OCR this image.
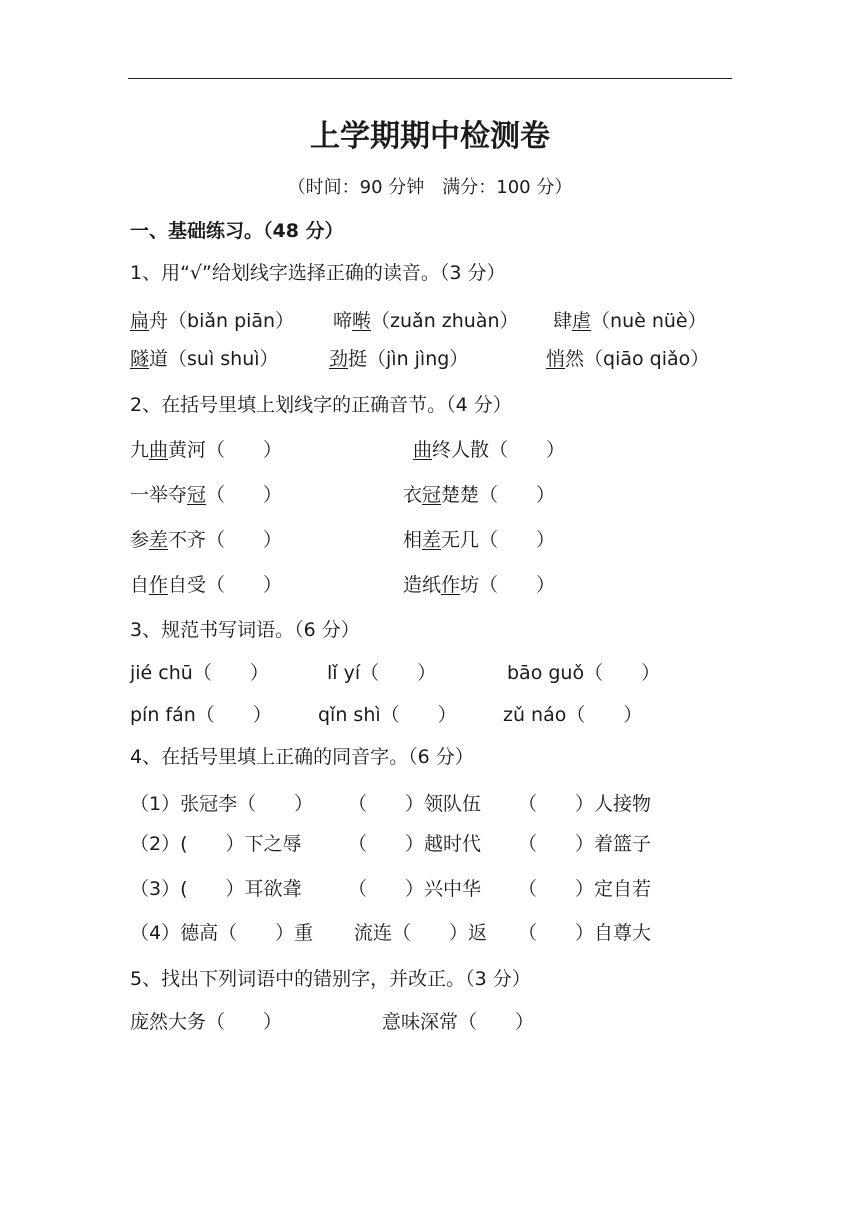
上学期期中检测卷
（时间：90 分钟　满分：100 分）
一、基础练习。（48 分）
1、用“√”给划线字选择正确的读音。（3 分）
扁舟（biǎn piān） 啼啭（zuǎn zhuàn） 肆虐（nuè nüè）
隧道（suì shuì）	劲挺（jìn jìng）	悄然（qiāo qiǎo）
2、在括号里填上划线字的正确音节。（4 分）
九曲黄河（　　）	曲终人散（　　）
一举夺冠（　　）	衣冠楚楚（　　）
参差不齐（　　）	相差无几（　　）
自作自受（　　）	造纸作坊（　　）
3、规范书写词语。（6 分）
jié chū（　　）	lǐ yí（　　）	bāo guǒ（　　）
pín fán（　　） qǐn shì（　　） zǔ náo（　　）
4、在括号里填上正确的同音字。（6 分）
（1）张冠李（　　） （　　）领队伍 （　　）人接物
（2）(　　）下之辱 （　　）越时代 （　　）着篮子
（3）(　　）耳欲聋 （　　）兴中华 （　　）定自若
（4）德高（　　）重 流连（　　）返 （　　）自尊大
5、找出下列词语中的错别字，并改正。（3 分）
庞然大务（　　）	意味深常（　　）
